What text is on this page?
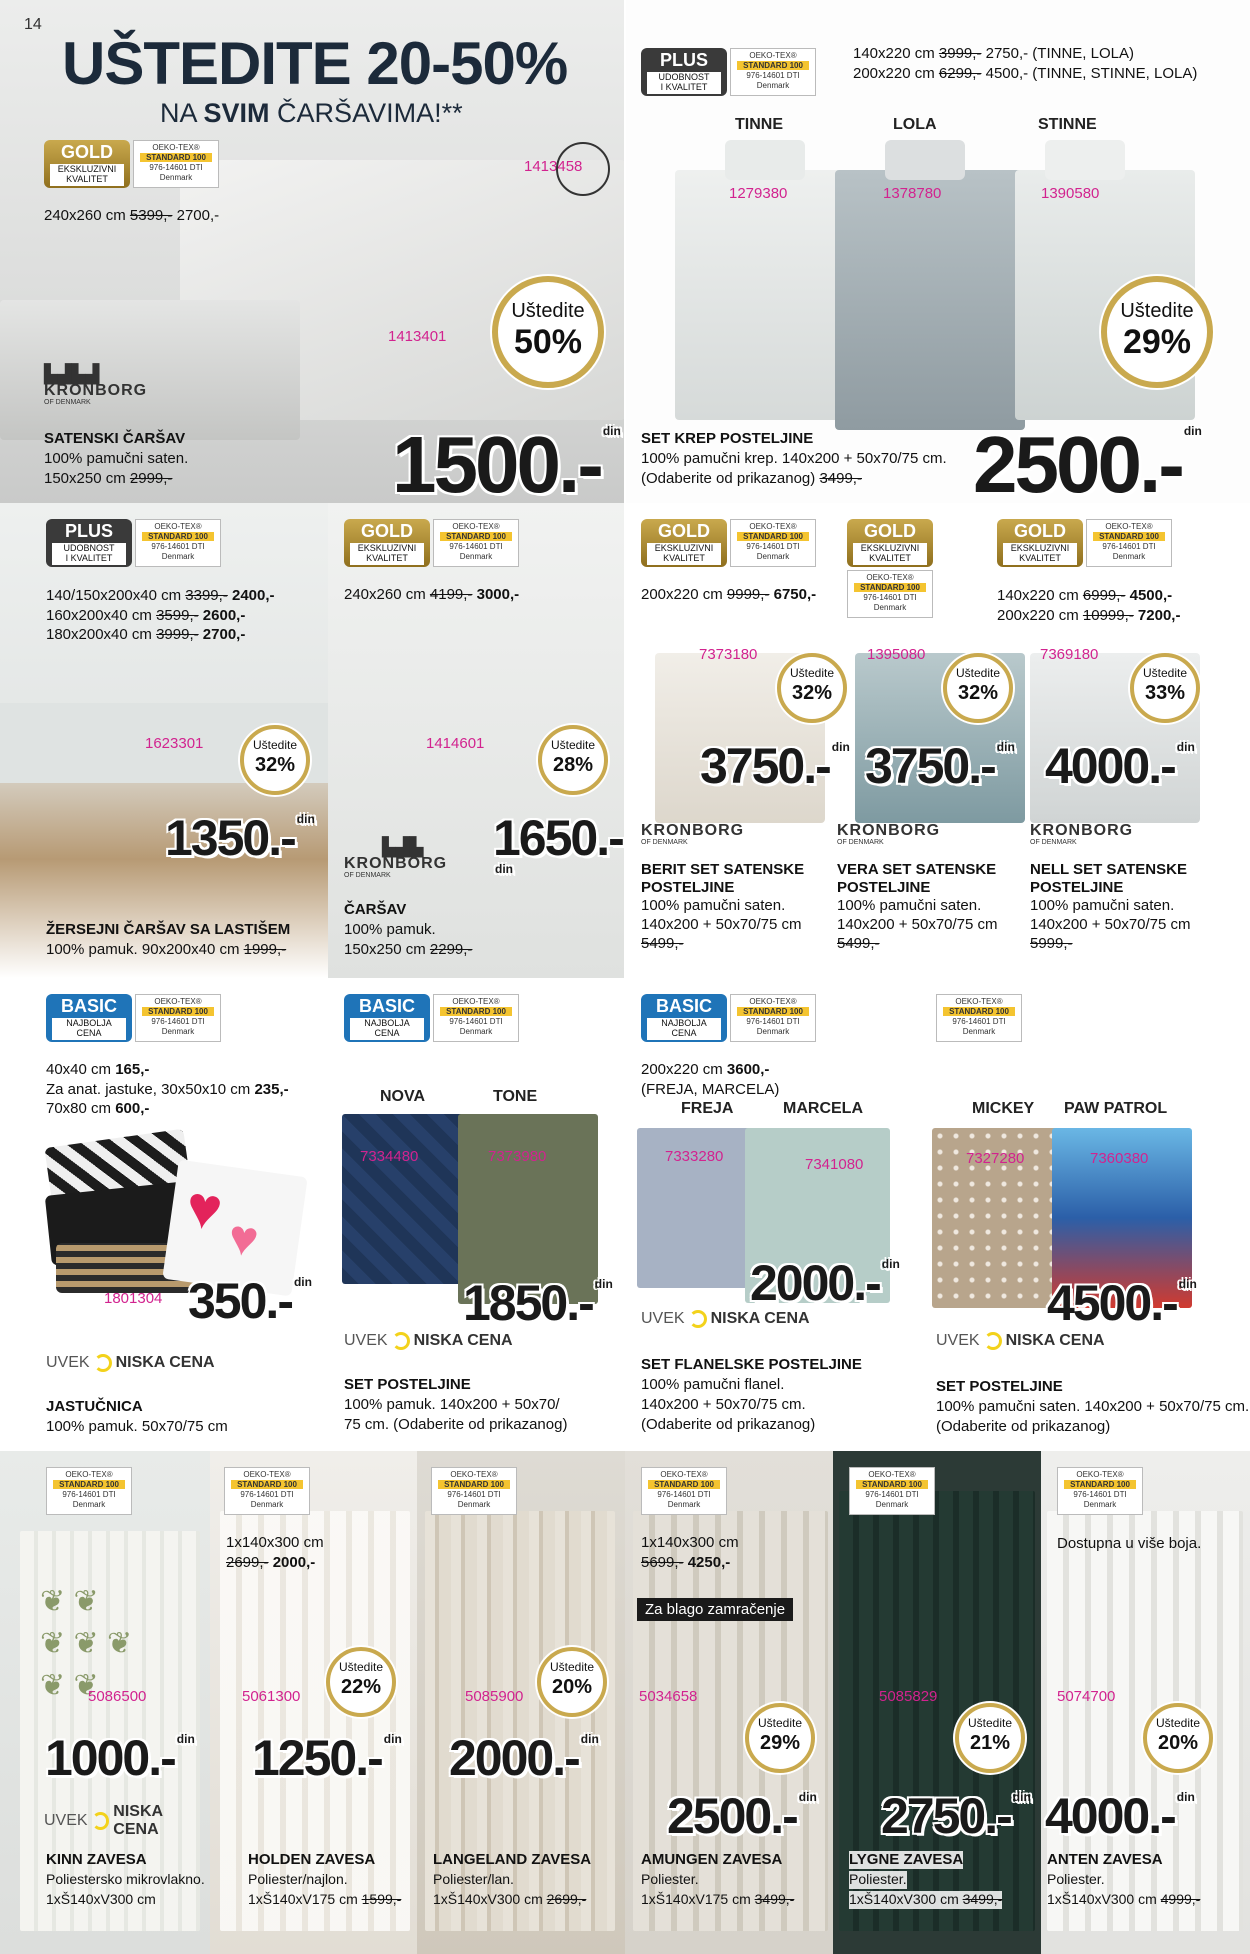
14
UŠTEDITE 20-50%
NA SVIM ČARŠAVIMA!**
GOLD
EKSKLUZIVNI
KVALITET
OEKO-TEX®
STANDARD 100
976-14601 DTI Denmark
240x260 cm 5399,- 2700,-
1413458
1413401
Uštedite
50%
▙▟▙▟
KRONBORG
OF DENMARK
SATENSKI ČARŠAV
100% pamučni saten.
150x250 cm 2999,-	1500.- $^{din}$
PLUS
UDOBNOST
I KVALITET
OEKO-TEX®
STANDARD 100
976-14601 DTI Denmark
140x220 cm 3999,- 2750,- (TINNE, LOLA)
200x220 cm 6299,- 4500,- (TINNE, STINNE, LOLA)
TINNE	LOLA	STINNE
1279380	1378780	1390580
Uštedite
29%
SET KREP POSTELJINE
100% pamučni krep. 140x200 + 50x70/75 cm.
(Odaberite od prikazanog) 3499,- 2500.- $^{din}$
PLUS
UDOBNOST
I KVALITET
OEKO-TEX®
STANDARD 100
976-14601 DTI Denmark
140/150x200x40 cm 3399,- 2400,-
160x200x40 cm 3599,- 2600,-
180x200x40 cm 3999,- 2700,-
1623301	Uštedite
32%
1350.- $^{din}$
ŽERSEJNI ČARŠAV SA LASTIŠEM
100% pamuk. 90x200x40 cm 1999,-
GOLD
EKSKLUZIVNI
KVALITET
OEKO-TEX®
STANDARD 100
976-14601 DTI Denmark
240x260 cm 4199,- 3000,-
1414601	Uštedite
28%
1650.-$^{din}$
▙▟▙
KRONBORG
OF DENMARK
ČARŠAV
100% pamuk.
150x250 cm 2299,-
GOLD
EKSKLUZIVNI
KVALITET
OEKO-TEX®
STANDARD 100
976-14601 DTI Denmark
GOLD
EKSKLUZIVNI
KVALITET
OEKO-TEX®
STANDARD 100
976-14601 DTI Denmark
GOLD
EKSKLUZIVNI
KVALITET
OEKO-TEX®
STANDARD 100
976-14601 DTI Denmark
200x220 cm 9999,- 6750,-	140x220 cm 6999,- 4500,-
200x220 cm 10999,- 7200,-
7373180	1395080	7369180
Uštedite
32%
Uštedite
32%
Uštedite
33%
3750.- $^{din}$ 3750.- $^{din}$ 4000.- $^{din}$
KRONBORG
OF DENMARK
KRONBORG
OF DENMARK
KRONBORG
OF DENMARK
BERIT SET SATENSKE
POSTELJINE
100% pamučni saten.
140x200 + 50x70/75 cm
5499,-
VERA SET SATENSKE
POSTELJINE
100% pamučni saten.
140x200 + 50x70/75 cm
5499,-
NELL SET SATENSKE
POSTELJINE
100% pamučni saten.
140x200 + 50x70/75 cm
5999,-
BASIC
NAJBOLJA
CENA
OEKO-TEX®
STANDARD 100
976-14601 DTI Denmark
40x40 cm 165,-
Za anat. jastuke, 30x50x10 cm 235,-
70x80 cm 600,-
♥
♥
1801304 350.- $^{din}$
UVEK NISKA CENA
JASTUČNICA
100% pamuk. 50x70/75 cm
BASIC
NAJBOLJA
CENA
OEKO-TEX®
STANDARD 100
976-14601 DTI Denmark
NOVA	TONE
7334480	7373980
1850.- $^{din}$
UVEK NISKA CENA
SET POSTELJINE
100% pamuk. 140x200 + 50x70/
75 cm. (Odaberite od prikazanog)
BASIC
NAJBOLJA
CENA
OEKO-TEX®
STANDARD 100
976-14601 DTI Denmark
200x220 cm 3600,-
(FREJA, MARCELA)
FREJA	MARCELA
7333280	7341080
2000.- $^{din}$
UVEK NISKA CENA
SET FLANELSKE POSTELJINE
100% pamučni flanel.
140x200 + 50x70/75 cm.
(Odaberite od prikazanog)
OEKO-TEX®
STANDARD 100
976-14601 DTI Denmark
MICKEY PAW PATROL
7327280	7360380
4500.- $^{din}$
UVEK NISKA CENA
SET POSTELJINE
100% pamučni saten. 140x200 + 50x70/75 cm.
(Odaberite od prikazanog)
❦ ❦
❦ ❦ ❦
❦ ❦
OEKO-TEX®
STANDARD 100
976-14601 DTI Denmark
5086500
1000.- $^{din}$
UVEK
NISKA CENA
KINN ZAVESA
Poliestersko mikrovlakno.
1xŠ140xV300 cm
OEKO-TEX®
STANDARD 100
976-14601 DTI Denmark
1x140x300 cm
2699,- 2000,-
Uštedite
22%
5061300
1250.- $^{din}$
HOLDEN ZAVESA
Poliester/najlon.
1xŠ140xV175 cm 1599,-
OEKO-TEX®
STANDARD 100
976-14601 DTI Denmark
Uštedite
20%
5085900
2000.- $^{din}$
LANGELAND ZAVESA
Poliester/lan.
1xŠ140xV300 cm 2699,-
OEKO-TEX®
STANDARD 100
976-14601 DTI Denmark
1x140x300 cm
5699,- 4250,-
Za blago zamračenje
5034658
Uštedite
29%
2500.- $^{din}$
AMUNGEN ZAVESA
Poliester.
1xŠ140xV175 cm 3499,-
OEKO-TEX®
STANDARD 100
976-14601 DTI Denmark
5085829
Uštedite
21%
2750.- $^{din}$
LYGNE ZAVESA
Poliester.
1xŠ140xV300 cm 3499,-
OEKO-TEX®
STANDARD 100
976-14601 DTI Denmark
Dostupna u više boja.
5074700
Uštedite
20%
4000.- $^{din}$
ANTEN ZAVESA
Poliester.
1xŠ140xV300 cm 4999,-
